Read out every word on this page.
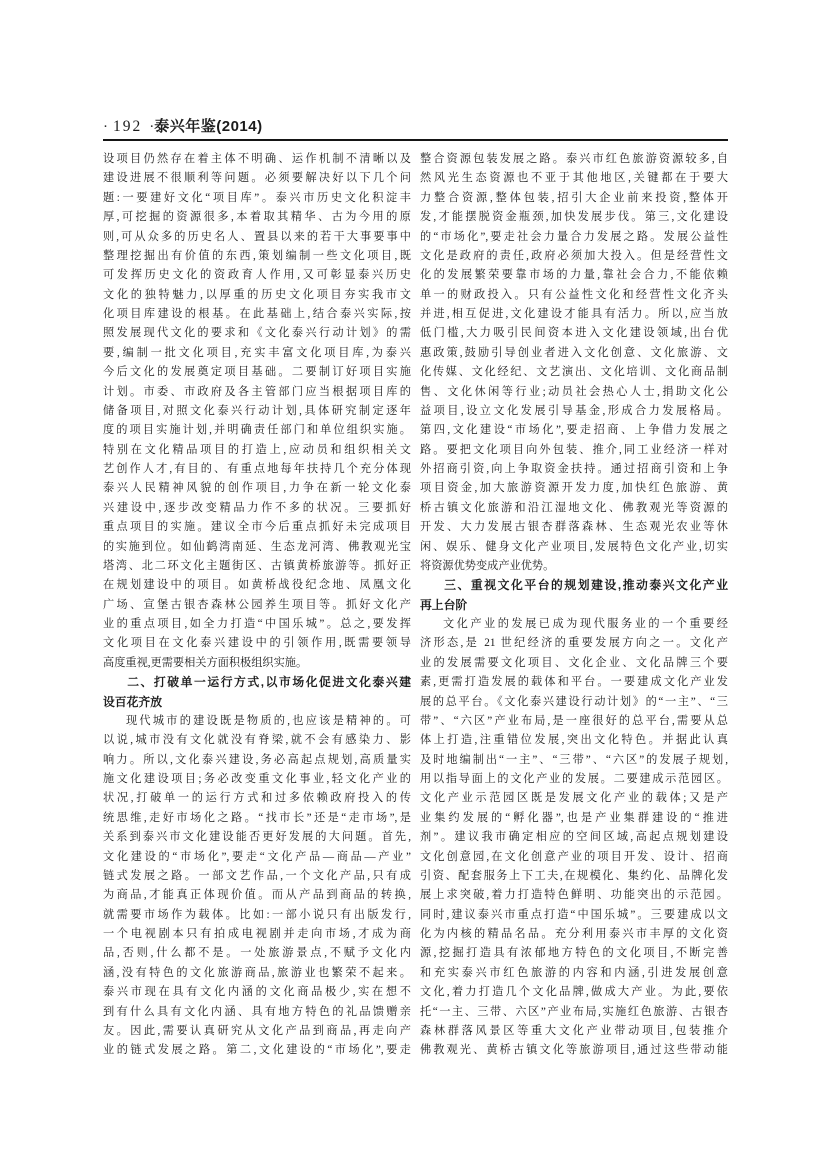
· 192 · 泰兴年鉴(2014)
设项目仍然存在着主体不明确、运作机制不清晰以及
建设进展不很顺利等问题。必须要解决好以下几个问
题:一要建好文化“项目库”。泰兴市历史文化积淀丰
厚,可挖掘的资源很多,本着取其精华、古为今用的原
则,可从众多的历史名人、置县以来的若干大事要事中
整理挖掘出有价值的东西,策划编制一些文化项目,既
可发挥历史文化的资政育人作用,又可彰显泰兴历史
文化的独特魅力,以厚重的历史文化项目夯实我市文
化项目库建设的根基。在此基础上,结合泰兴实际,按
照发展现代文化的要求和《文化泰兴行动计划》的需
要,编制一批文化项目,充实丰富文化项目库,为泰兴
今后文化的发展奠定项目基础。二要制订好项目实施
计划。市委、市政府及各主管部门应当根据项目库的
储备项目,对照文化泰兴行动计划,具体研究制定逐年
度的项目实施计划,并明确责任部门和单位组织实施。
特别在文化精品项目的打造上,应动员和组织相关文
艺创作人才,有目的、有重点地每年扶持几个充分体现
泰兴人民精神风貌的创作项目,力争在新一轮文化泰
兴建设中,逐步改变精品力作不多的状况。三要抓好
重点项目的实施。建议全市今后重点抓好未完成项目
的实施到位。如仙鹤湾南延、生态龙河湾、佛教观光宝
塔湾、北二环文化主题街区、古镇黄桥旅游等。抓好正
在规划建设中的项目。如黄桥战役纪念地、凤凰文化
广场、宣堡古银杏森林公园养生项目等。抓好文化产
业的重点项目,如全力打造“中国乐城”。总之,要发挥
文化项目在文化泰兴建设中的引领作用,既需要领导
高度重视,更需要相关方面积极组织实施。
二、打破单一运行方式,以市场化促进文化泰兴建
设百花齐放
现代城市的建设既是物质的,也应该是精神的。可
以说,城市没有文化就没有脊梁,就不会有感染力、影
响力。所以,文化泰兴建设,务必高起点规划,高质量实
施文化建设项目;务必改变重文化事业,轻文化产业的
状况,打破单一的运行方式和过多依赖政府投入的传
统思维,走好市场化之路。“找市长”还是“走市场”,是
关系到泰兴市文化建设能否更好发展的大问题。首先,
文化建设的“市场化”,要走“文化产品—商品—产业”
链式发展之路。一部文艺作品,一个文化产品,只有成
为商品,才能真正体现价值。而从产品到商品的转换,
就需要市场作为载体。比如:一部小说只有出版发行,
一个电视剧本只有拍成电视剧并走向市场,才成为商
品,否则,什么都不是。一处旅游景点,不赋予文化内
涵,没有特色的文化旅游商品,旅游业也繁荣不起来。
泰兴市现在具有文化内涵的文化商品极少,实在想不
到有什么具有文化内涵、具有地方特色的礼品馈赠亲
友。因此,需要认真研究从文化产品到商品,再走向产
业的链式发展之路。第二,文化建设的“市场化”,要走
整合资源包装发展之路。泰兴市红色旅游资源较多,自
然风光生态资源也不亚于其他地区,关键都在于要大
力整合资源,整体包装,招引大企业前来投资,整体开
发,才能摆脱资金瓶颈,加快发展步伐。第三,文化建设
的“市场化”,要走社会力量合力发展之路。发展公益性
文化是政府的责任,政府必须加大投入。但是经营性文
化的发展繁荣要靠市场的力量,靠社会合力,不能依赖
单一的财政投入。只有公益性文化和经营性文化齐头
并进,相互促进,文化建设才能具有活力。所以,应当放
低门槛,大力吸引民间资本进入文化建设领域,出台优
惠政策,鼓励引导创业者进入文化创意、文化旅游、文
化传媒、文化经纪、文艺演出、文化培训、文化商品制
售、文化休闲等行业;动员社会热心人士,捐助文化公
益项目,设立文化发展引导基金,形成合力发展格局。
第四,文化建设“市场化”,要走招商、上争借力发展之
路。要把文化项目向外包装、推介,同工业经济一样对
外招商引资,向上争取资金扶持。通过招商引资和上争
项目资金,加大旅游资源开发力度,加快红色旅游、黄
桥古镇文化旅游和沿江湿地文化、佛教观光等资源的
开发、大力发展古银杏群落森林、生态观光农业等休
闲、娱乐、健身文化产业项目,发展特色文化产业,切实
将资源优势变成产业优势。
三、重视文化平台的规划建设,推动泰兴文化产业
再上台阶
文化产业的发展已成为现代服务业的一个重要经
济形态,是 21 世纪经济的重要发展方向之一。文化产
业的发展需要文化项目、文化企业、文化品牌三个要
素,更需打造发展的载体和平台。一要建成文化产业发
展的总平台。《文化泰兴建设行动计划》的“一主”、“三
带”、“六区”产业布局,是一座很好的总平台,需要从总
体上打造,注重错位发展,突出文化特色。并据此认真
及时地编制出“一主”、“三带”、“六区”的发展子规划,
用以指导面上的文化产业的发展。二要建成示范园区。
文化产业示范园区既是发展文化产业的载体;又是产
业集约发展的“孵化器”,也是产业集群建设的“推进
剂”。建议我市确定相应的空间区域,高起点规划建设
文化创意园,在文化创意产业的项目开发、设计、招商
引资、配套服务上下工夫,在规模化、集约化、品牌化发
展上求突破,着力打造特色鲜明、功能突出的示范园。
同时,建议泰兴市重点打造“中国乐城”。三要建成以文
化为内核的精品名品。充分利用泰兴市丰厚的文化资
源,挖掘打造具有浓郁地方特色的文化项目,不断完善
和充实泰兴市红色旅游的内容和内涵,引进发展创意
文化,着力打造几个文化品牌,做成大产业。为此,要依
托“一主、三带、六区”产业布局,实施红色旅游、古银杏
森林群落风景区等重大文化产业带动项目,包装推介
佛教观光、黄桥古镇文化等旅游项目,通过这些带动能
